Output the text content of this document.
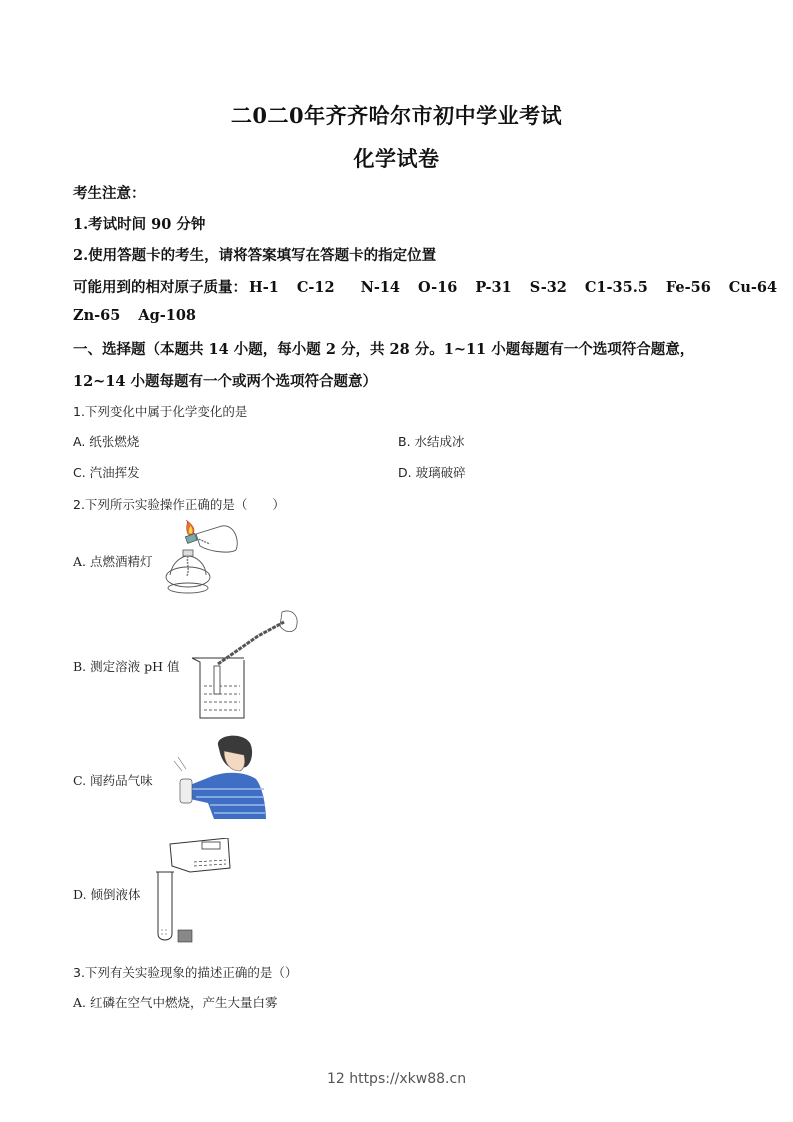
二0二0年齐齐哈尔市初中学业考试
化学试卷
考生注意：
1.考试时间 90 分钟
2.使用答题卡的考生，请将答案填写在答题卡的指定位置
可能用到的相对原子质量： H-1 C-12 N-14 O-16 P-31 S-32 C1-35.5 Fe-56 Cu-64
Zn-65 Ag-108
一、选择题（本题共 14 小题，每小题 2 分，共 28 分。1~11 小题每题有一个选项符合题意，
12~14 小题每题有一个或两个选项符合题意）
1.下列变化中属于化学变化的是
A. 纸张燃烧	B. 水结成冰
C. 汽油挥发	D. 玻璃破碎
2.下列所示实验操作正确的是（　　）
A. 点燃酒精灯
B. 测定溶液 pH 值
C. 闻药品气味
D. 倾倒液体
3.下列有关实验现象的描述正确的是（）
A. 红磷在空气中燃烧，产生大量白雾
12 https://xkw88.cn
